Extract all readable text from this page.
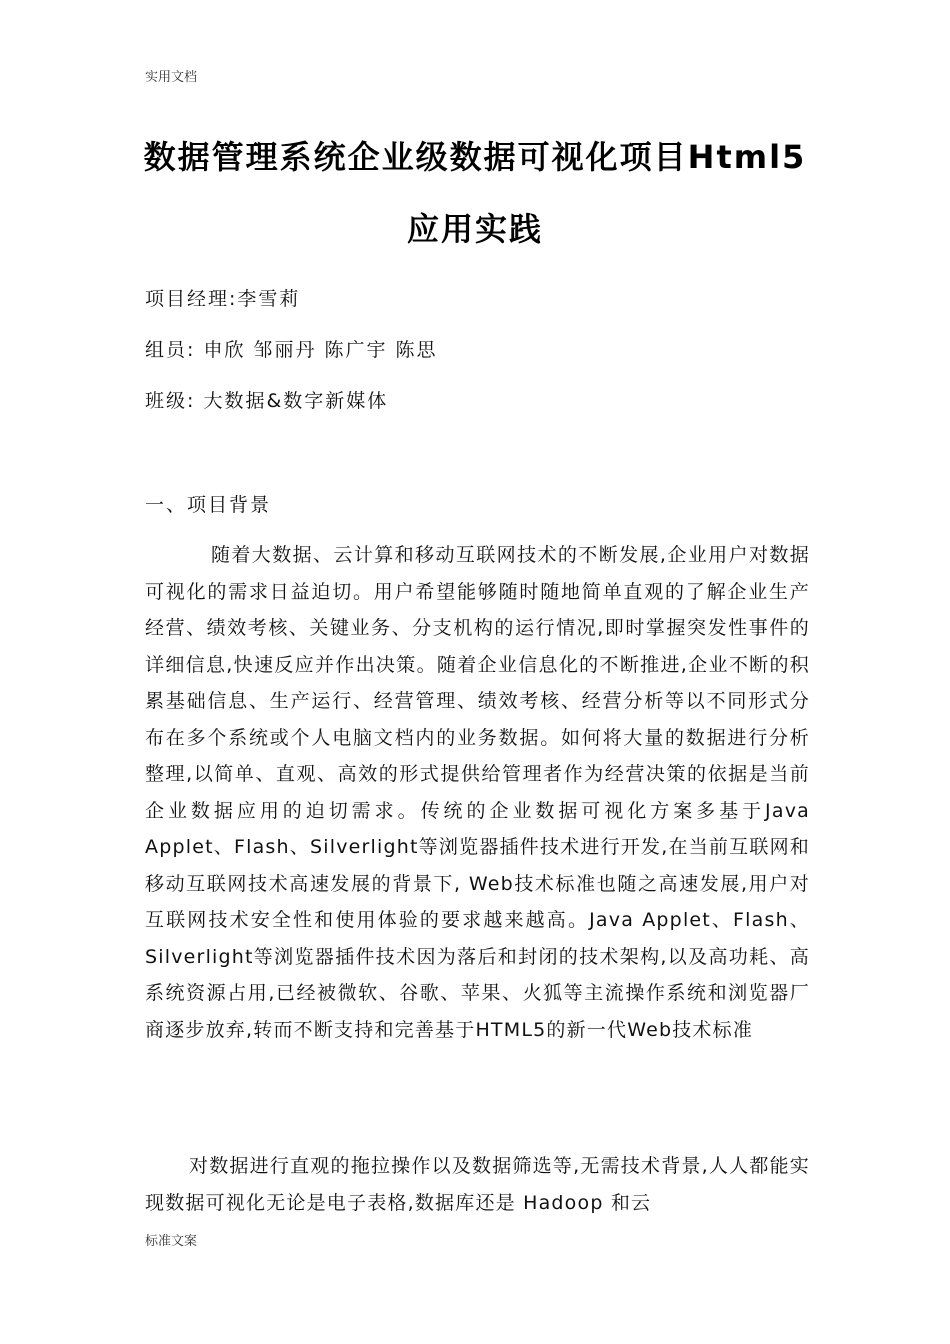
实用文档
数据管理系统企业级数据可视化项目Html5
应用实践
项目经理:李雪莉
组员: 申欣 邹丽丹 陈广宇 陈思
班级: 大数据&数字新媒体
一、项目背景

随着大数据、云计算和移动互联网技术的不断发展,企业用户对数据可视化的需求日益迫切。用户希望能够随时随地简单直观的了解企业生产经营、绩效考核、关键业务、分支机构的运行情况,即时掌握突发性事件的详细信息,快速反应并作出决策。随着企业信息化的不断推进,企业不断的积累基础信息、生产运行、经营管理、绩效考核、经营分析等以不同形式分布在多个系统或个人电脑文档内的业务数据。如何将大量的数据进行分析整理,以简单、直观、高效的形式提供给管理者作为经营决策的依据是当前企业数据应用的迫切需求。传统的企业数据可视化方案多基于Java Applet、Flash、Silverlight等浏览器插件技术进行开发,在当前互联网和移动互联网技术高速发展的背景下, Web技术标准也随之高速发展,用户对互联网技术安全性和使用体验的要求越来越高。Java Applet、Flash、Silverlight等浏览器插件技术因为落后和封闭的技术架构,以及高功耗、高系统资源占用,已经被微软、谷歌、苹果、火狐等主流操作系统和浏览器厂商逐步放弃,转而不断支持和完善基于HTML5的新一代Web技术标准

对数据进行直观的拖拉操作以及数据筛选等,无需技术背景,人人都能实现数据可视化无论是电子表格,数据库还是 Hadoop 和云

标准文案
